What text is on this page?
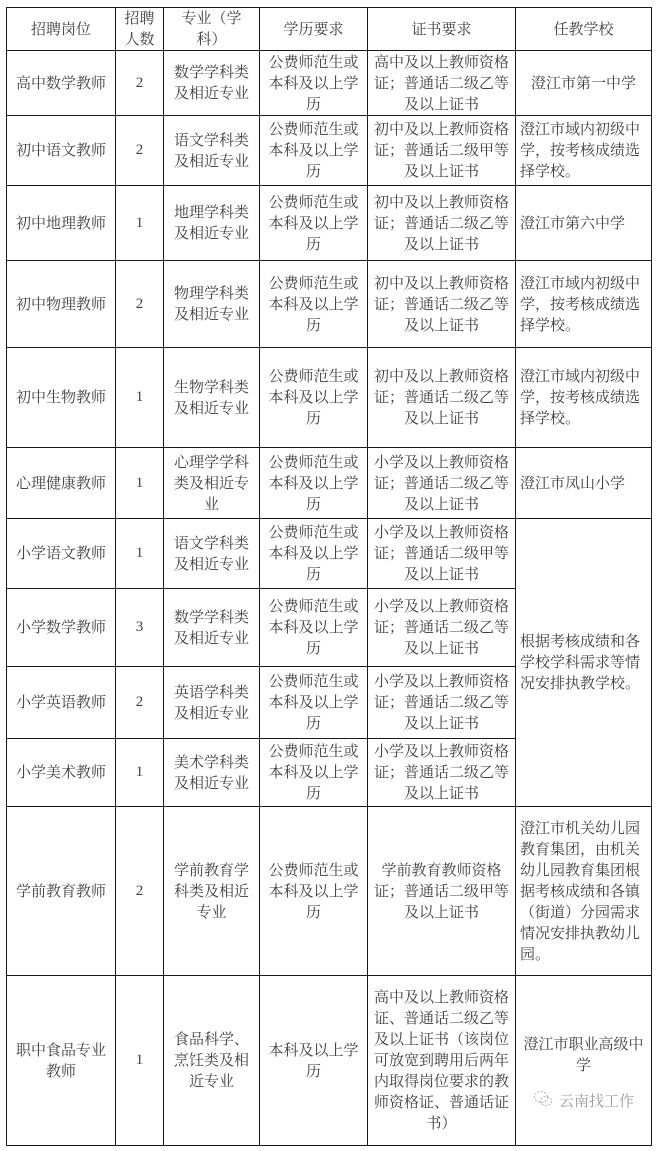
招聘岗位	招聘人数	专业（学科）	学历要求	证书要求	任教学校
高中数学教师	2	数学学科类及相近专业	公费师范生或本科及以上学历	高中及以上教师资格证；普通话二级乙等及以上证书	澄江市第一中学
初中语文教师	2	语文学科类及相近专业	公费师范生或本科及以上学历	初中及以上教师资格证；普通话二级甲等及以上证书	澄江市域内初级中学，按考核成绩选择学校。
初中地理教师	1	地理学科类及相近专业	公费师范生或本科及以上学历	初中及以上教师资格证；普通话二级乙等及以上证书	澄江市第六中学
初中物理教师	2	物理学科类及相近专业	公费师范生或本科及以上学历	初中及以上教师资格证；普通话二级乙等及以上证书	澄江市域内初级中学，按考核成绩选择学校。
初中生物教师	1	生物学科类及相近专业	公费师范生或本科及以上学历	初中及以上教师资格证；普通话二级乙等及以上证书	澄江市域内初级中学，按考核成绩选择学校。
心理健康教师	1	心理学学科类及相近专业	公费师范生或本科及以上学历	小学及以上教师资格证；普通话二级乙等及以上证书	澄江市凤山小学
小学语文教师	1	语文学科类及相近专业	公费师范生或本科及以上学历	小学及以上教师资格证；普通话二级甲等及以上证书	根据考核成绩和各学校学科需求等情况安排执教学校。
小学数学教师	3	数学学科类及相近专业	公费师范生或本科及以上学历	小学及以上教师资格证；普通话二级乙等及以上证书	
小学英语教师	2	英语学科类及相近专业	公费师范生或本科及以上学历	小学及以上教师资格证；普通话二级乙等及以上证书	
小学美术教师	1	美术学科类及相近专业	公费师范生或本科及以上学历	小学及以上教师资格证；普通话二级乙等及以上证书	
学前教育教师	2	学前教育学科类及相近专业	公费师范生或本科及以上学历	学前教育教师资格证；普通话二级甲等及以上证书	澄江市机关幼儿园教育集团，由机关幼儿园教育集团根据考核成绩和各镇（街道）分园需求情况安排执教幼儿园。
职中食品专业教师	1	食品科学、烹饪类及相近专业	本科及以上学历	高中及以上教师资格证、普通话二级乙等及以上证书（该岗位可放宽到聘用后两年内取得岗位要求的教师资格证、普通话证书）	澄江市职业高级中学
云南找工作
